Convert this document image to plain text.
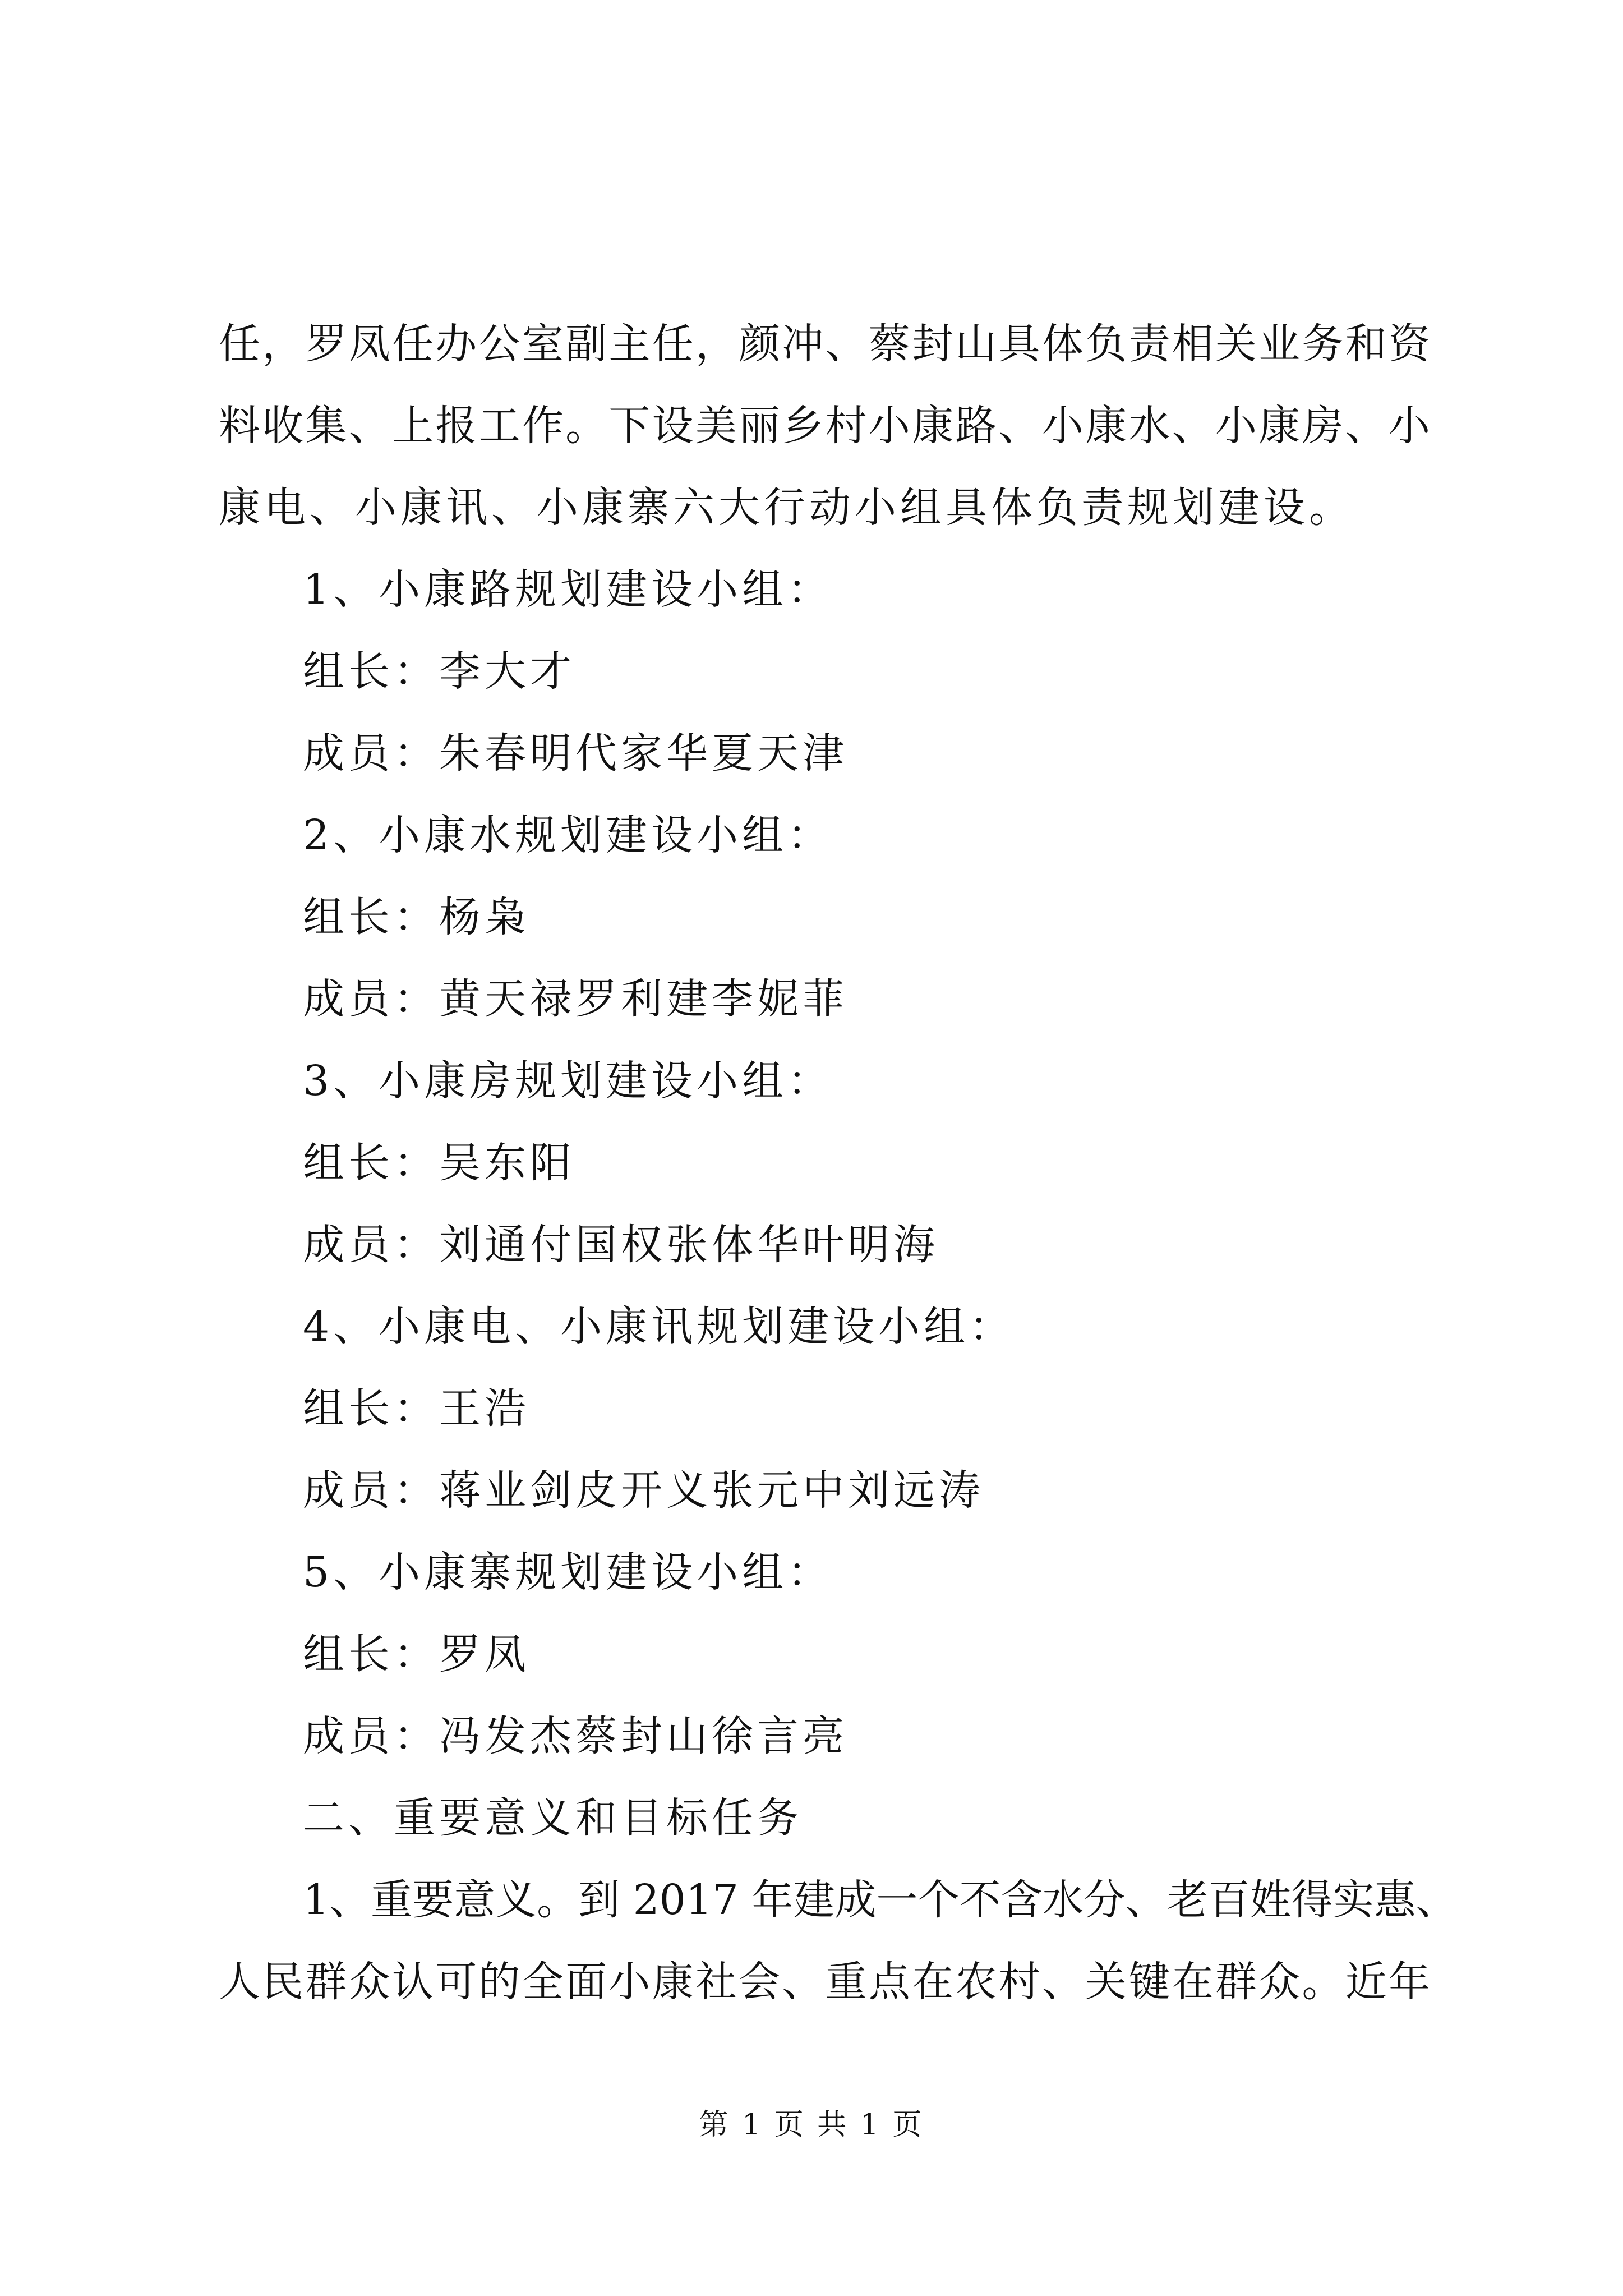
任，罗凤任办公室副主任，颜冲、蔡封山具体负责相关业务和资
料收集、上报工作。下设美丽乡村小康路、小康水、小康房、小
康电、小康讯、小康寨六大行动小组具体负责规划建设。
1、小康路规划建设小组：
组长：李大才
成员：朱春明代家华夏天津
2、小康水规划建设小组：
组长：杨枭
成员：黄天禄罗利建李妮菲
3、小康房规划建设小组：
组长：吴东阳
成员：刘通付国权张体华叶明海
4、小康电、小康讯规划建设小组：
组长：王浩
成员：蒋业剑皮开义张元中刘远涛
5、小康寨规划建设小组：
组长：罗凤
成员：冯发杰蔡封山徐言亮
二、重要意义和目标任务
1、重要意义。到 2017 年建成一个不含水分、老百姓得实惠、
人民群众认可的全面小康社会、重点在农村、关键在群众。近年
第 1 页 共 1 页
